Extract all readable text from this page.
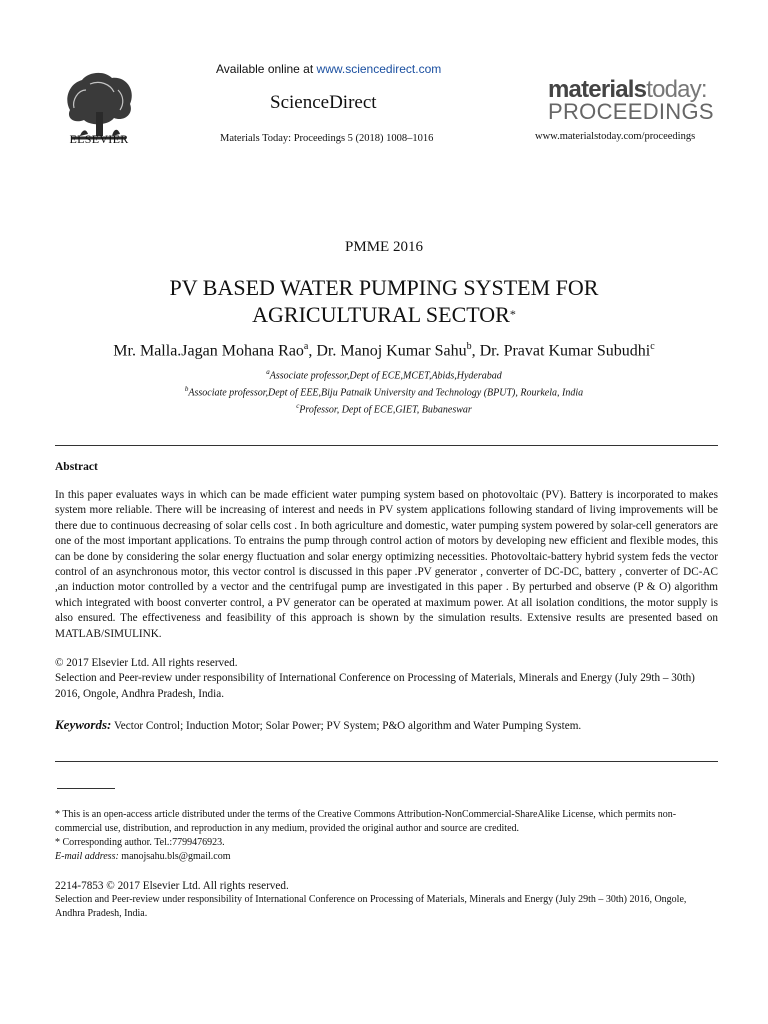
ELSEVIER
Available online at www.sciencedirect.com
ScienceDirect
Materials Today: Proceedings 5 (2018) 1008–1016
materialstoday:
PROCEEDINGS
www.materialstoday.com/proceedings
PMME 2016
PV BASED WATER PUMPING SYSTEM FOR
AGRICULTURAL SECTOR*
Mr. Malla.Jagan Mohana Rao$^a$, Dr. Manoj Kumar Sahu$^b$, Dr. Pravat Kumar Subudhi$^c$
$^a$Associate professor,Dept of ECE,MCET,Abids,Hyderabad
$^b$Associate professor,Dept of EEE,Biju Patnaik University and Technology (BPUT), Rourkela, India
$^c$Professor, Dept of ECE,GIET, Bubaneswar
Abstract
In this paper evaluates ways in which can be made efficient water pumping system based on photovoltaic (PV). Battery is incorporated to makes system more reliable. There will be increasing of interest and needs in PV system applications following standard of living improvements will be there due to continuous decreasing of solar cells cost . In both agriculture and domestic, water pumping system powered by solar-cell generators are one of the most important applications. To entrains the pump through control action of motors by developing new efficient and flexible modes, this can be done by considering the solar energy fluctuation and solar energy optimizing necessities. Photovoltaic-battery hybrid system feds the vector control of an asynchronous motor, this vector control is discussed in this paper .PV generator , converter of DC-DC, battery , converter of DC-AC ,an induction motor controlled by a vector and the centrifugal pump are investigated in this paper . By perturbed and observe (P & O) algorithm which integrated with boost converter control, a PV generator can be operated at maximum power. At all isolation conditions, the motor supply is also ensured. The effectiveness and feasibility of this approach is shown by the simulation results. Extensive results are presented based on MATLAB/SIMULINK.
© 2017 Elsevier Ltd. All rights reserved.
Selection and Peer-review under responsibility of International Conference on Processing of Materials, Minerals and Energy (July 29th – 30th) 2016, Ongole, Andhra Pradesh, India.
Keywords: Vector Control; Induction Motor; Solar Power; PV System; P&O algorithm and Water Pumping System.
* This is an open-access article distributed under the terms of the Creative Commons Attribution-NonCommercial-ShareAlike License, which permits non-commercial use, distribution, and reproduction in any medium, provided the original author and source are credited.
* Corresponding author. Tel.:7799476923.
E-mail address: manojsahu.bls@gmail.com
2214-7853 © 2017 Elsevier Ltd. All rights reserved.
Selection and Peer-review under responsibility of International Conference on Processing of Materials, Minerals and Energy (July 29th – 30th) 2016, Ongole, Andhra Pradesh, India.
